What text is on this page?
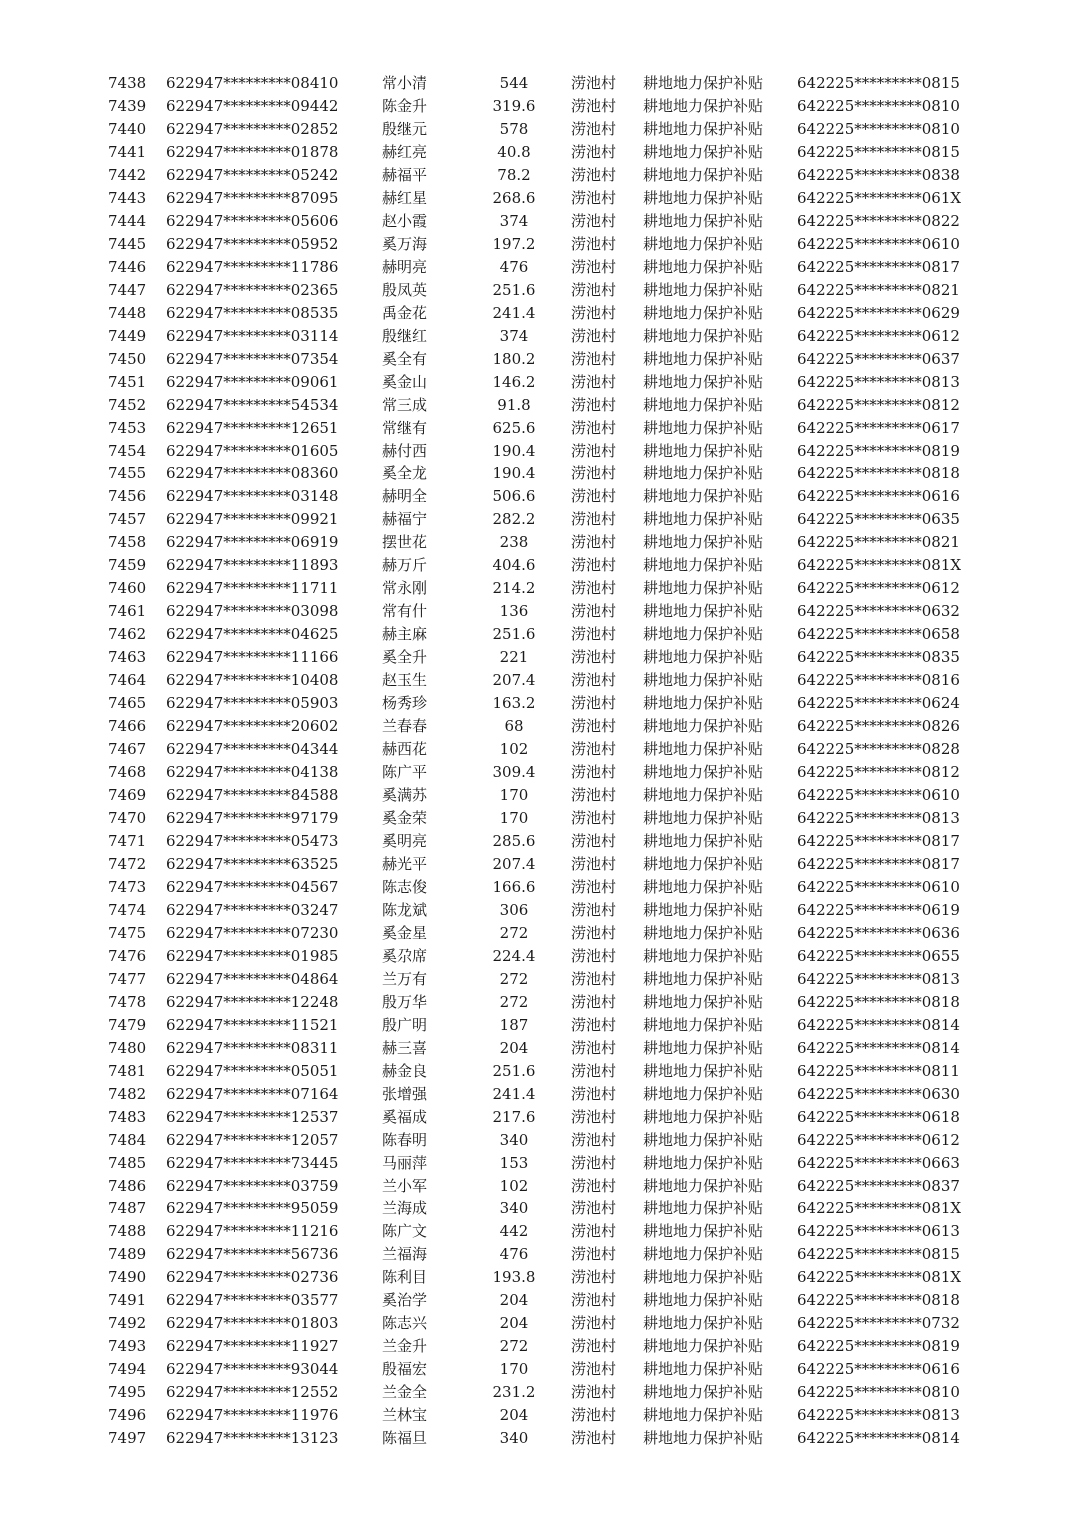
7438 622947*********08410	常小清	544	涝池村 耕地地力保护补贴 642225*********0815
7439 622947*********09442	陈金升	319.6	涝池村 耕地地力保护补贴 642225*********0810
7440 622947*********02852	殷继元	578	涝池村 耕地地力保护补贴 642225*********0810
7441 622947*********01878	赫红亮	40.8	涝池村 耕地地力保护补贴 642225*********0815
7442 622947*********05242	赫福平	78.2	涝池村 耕地地力保护补贴 642225*********0838
7443 622947*********87095	赫红星	268.6	涝池村 耕地地力保护补贴 642225*********061X
7444 622947*********05606	赵小霞	374	涝池村 耕地地力保护补贴 642225*********0822
7445 622947*********05952	奚万海	197.2	涝池村 耕地地力保护补贴 642225*********0610
7446 622947*********11786	赫明亮	476	涝池村 耕地地力保护补贴 642225*********0817
7447 622947*********02365	殷凤英	251.6	涝池村 耕地地力保护补贴 642225*********0821
7448 622947*********08535	禹金花	241.4	涝池村 耕地地力保护补贴 642225*********0629
7449 622947*********03114	殷继红	374	涝池村 耕地地力保护补贴 642225*********0612
7450 622947*********07354	奚全有	180.2	涝池村 耕地地力保护补贴 642225*********0637
7451 622947*********09061	奚金山	146.2	涝池村 耕地地力保护补贴 642225*********0813
7452 622947*********54534	常三成	91.8	涝池村 耕地地力保护补贴 642225*********0812
7453 622947*********12651	常继有	625.6	涝池村 耕地地力保护补贴 642225*********0617
7454 622947*********01605	赫付西	190.4	涝池村 耕地地力保护补贴 642225*********0819
7455 622947*********08360	奚全龙	190.4	涝池村 耕地地力保护补贴 642225*********0818
7456 622947*********03148	赫明全	506.6	涝池村 耕地地力保护补贴 642225*********0616
7457 622947*********09921	赫福宁	282.2	涝池村 耕地地力保护补贴 642225*********0635
7458 622947*********06919	摆世花	238	涝池村 耕地地力保护补贴 642225*********0821
7459 622947*********11893	赫万斤	404.6	涝池村 耕地地力保护补贴 642225*********081X
7460 622947*********11711	常永刚	214.2	涝池村 耕地地力保护补贴 642225*********0612
7461 622947*********03098	常有什	136	涝池村 耕地地力保护补贴 642225*********0632
7462 622947*********04625	赫主麻	251.6	涝池村 耕地地力保护补贴 642225*********0658
7463 622947*********11166	奚全升	221	涝池村 耕地地力保护补贴 642225*********0835
7464 622947*********10408	赵玉生	207.4	涝池村 耕地地力保护补贴 642225*********0816
7465 622947*********05903	杨秀珍	163.2	涝池村 耕地地力保护补贴 642225*********0624
7466 622947*********20602	兰春春	68	涝池村 耕地地力保护补贴 642225*********0826
7467 622947*********04344	赫西花	102	涝池村 耕地地力保护补贴 642225*********0828
7468 622947*********04138	陈广平	309.4	涝池村 耕地地力保护补贴 642225*********0812
7469 622947*********84588	奚满苏	170	涝池村 耕地地力保护补贴 642225*********0610
7470 622947*********97179	奚金荣	170	涝池村 耕地地力保护补贴 642225*********0813
7471 622947*********05473	奚明亮	285.6	涝池村 耕地地力保护补贴 642225*********0817
7472 622947*********63525	赫光平	207.4	涝池村 耕地地力保护补贴 642225*********0817
7473 622947*********04567	陈志俊	166.6	涝池村 耕地地力保护补贴 642225*********0610
7474 622947*********03247	陈龙斌	306	涝池村 耕地地力保护补贴 642225*********0619
7475 622947*********07230	奚金星	272	涝池村 耕地地力保护补贴 642225*********0636
7476 622947*********01985	奚尕席	224.4	涝池村 耕地地力保护补贴 642225*********0655
7477 622947*********04864	兰万有	272	涝池村 耕地地力保护补贴 642225*********0813
7478 622947*********12248	殷万华	272	涝池村 耕地地力保护补贴 642225*********0818
7479 622947*********11521	殷广明	187	涝池村 耕地地力保护补贴 642225*********0814
7480 622947*********08311	赫三喜	204	涝池村 耕地地力保护补贴 642225*********0814
7481 622947*********05051	赫金良	251.6	涝池村 耕地地力保护补贴 642225*********0811
7482 622947*********07164	张增强	241.4	涝池村 耕地地力保护补贴 642225*********0630
7483 622947*********12537	奚福成	217.6	涝池村 耕地地力保护补贴 642225*********0618
7484 622947*********12057	陈春明	340	涝池村 耕地地力保护补贴 642225*********0612
7485 622947*********73445	马丽萍	153	涝池村 耕地地力保护补贴 642225*********0663
7486 622947*********03759	兰小军	102	涝池村 耕地地力保护补贴 642225*********0837
7487 622947*********95059	兰海成	340	涝池村 耕地地力保护补贴 642225*********081X
7488 622947*********11216	陈广文	442	涝池村 耕地地力保护补贴 642225*********0613
7489 622947*********56736	兰福海	476	涝池村 耕地地力保护补贴 642225*********0815
7490 622947*********02736	陈利目	193.8	涝池村 耕地地力保护补贴 642225*********081X
7491 622947*********03577	奚治学	204	涝池村 耕地地力保护补贴 642225*********0818
7492 622947*********01803	陈志兴	204	涝池村 耕地地力保护补贴 642225*********0732
7493 622947*********11927	兰金升	272	涝池村 耕地地力保护补贴 642225*********0819
7494 622947*********93044	殷福宏	170	涝池村 耕地地力保护补贴 642225*********0616
7495 622947*********12552	兰金全	231.2	涝池村 耕地地力保护补贴 642225*********0810
7496 622947*********11976	兰林宝	204	涝池村 耕地地力保护补贴 642225*********0813
7497 622947*********13123	陈福旦	340	涝池村 耕地地力保护补贴 642225*********0814
